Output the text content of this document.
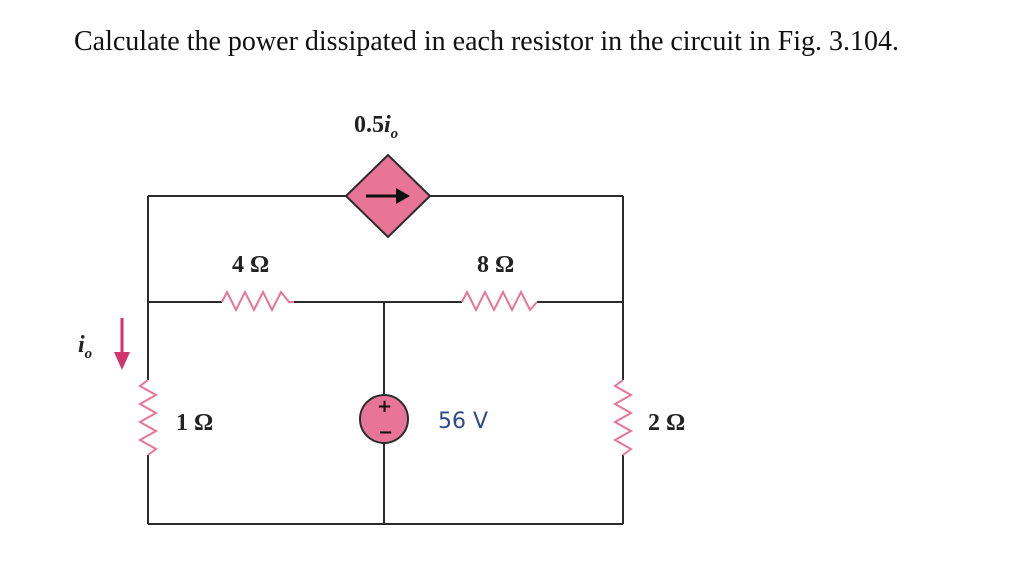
Calculate the power dissipated in each resistor in the circuit in Fig. 3.104.
$0.5i_o$
4 Ω	8 Ω
1 Ω	2 Ω
+
− 56 V
$i_o$
